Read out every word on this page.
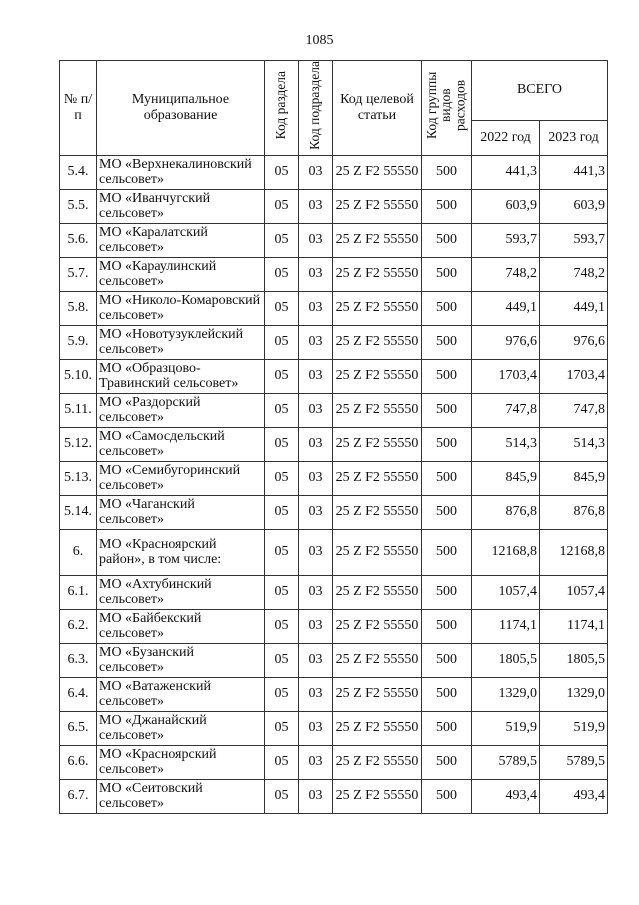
1085
№ п/п	Муниципальное образование	Код раздела	Код подраздела	Код целевой статьи	Код группы видов расходов	ВСЕГО	
						2022 год	2023 год
5.4.	МО «Верхнекалиновский сельсовет»	05	03	25 Z F2 55550	500	441,3	441,3
5.5.	МО «Иванчугский сельсовет»	05	03	25 Z F2 55550	500	603,9	603,9
5.6.	МО «Каралатский сельсовет»	05	03	25 Z F2 55550	500	593,7	593,7
5.7.	МО «Караулинский сельсовет»	05	03	25 Z F2 55550	500	748,2	748,2
5.8.	МО «Николо-Комаровский сельсовет»	05	03	25 Z F2 55550	500	449,1	449,1
5.9.	МО «Новотузуклейский сельсовет»	05	03	25 Z F2 55550	500	976,6	976,6
5.10.	МО «Образцово-Травинский сельсовет»	05	03	25 Z F2 55550	500	1703,4	1703,4
5.11.	МО «Раздорский сельсовет»	05	03	25 Z F2 55550	500	747,8	747,8
5.12.	МО «Самосдельский сельсовет»	05	03	25 Z F2 55550	500	514,3	514,3
5.13.	МО «Семибугоринский сельсовет»	05	03	25 Z F2 55550	500	845,9	845,9
5.14.	МО «Чаганский сельсовет»	05	03	25 Z F2 55550	500	876,8	876,8
6.	МО «Красноярский район», в том числе:	05	03	25 Z F2 55550	500	12168,8	12168,8
6.1.	МО «Ахтубинский сельсовет»	05	03	25 Z F2 55550	500	1057,4	1057,4
6.2.	МО «Байбекский сельсовет»	05	03	25 Z F2 55550	500	1174,1	1174,1
6.3.	МО «Бузанский сельсовет»	05	03	25 Z F2 55550	500	1805,5	1805,5
6.4.	МО «Ватаженский сельсовет»	05	03	25 Z F2 55550	500	1329,0	1329,0
6.5.	МО «Джанайский сельсовет»	05	03	25 Z F2 55550	500	519,9	519,9
6.6.	МО «Красноярский сельсовет»	05	03	25 Z F2 55550	500	5789,5	5789,5
6.7.	МО «Сеитовский сельсовет»	05	03	25 Z F2 55550	500	493,4	493,4
